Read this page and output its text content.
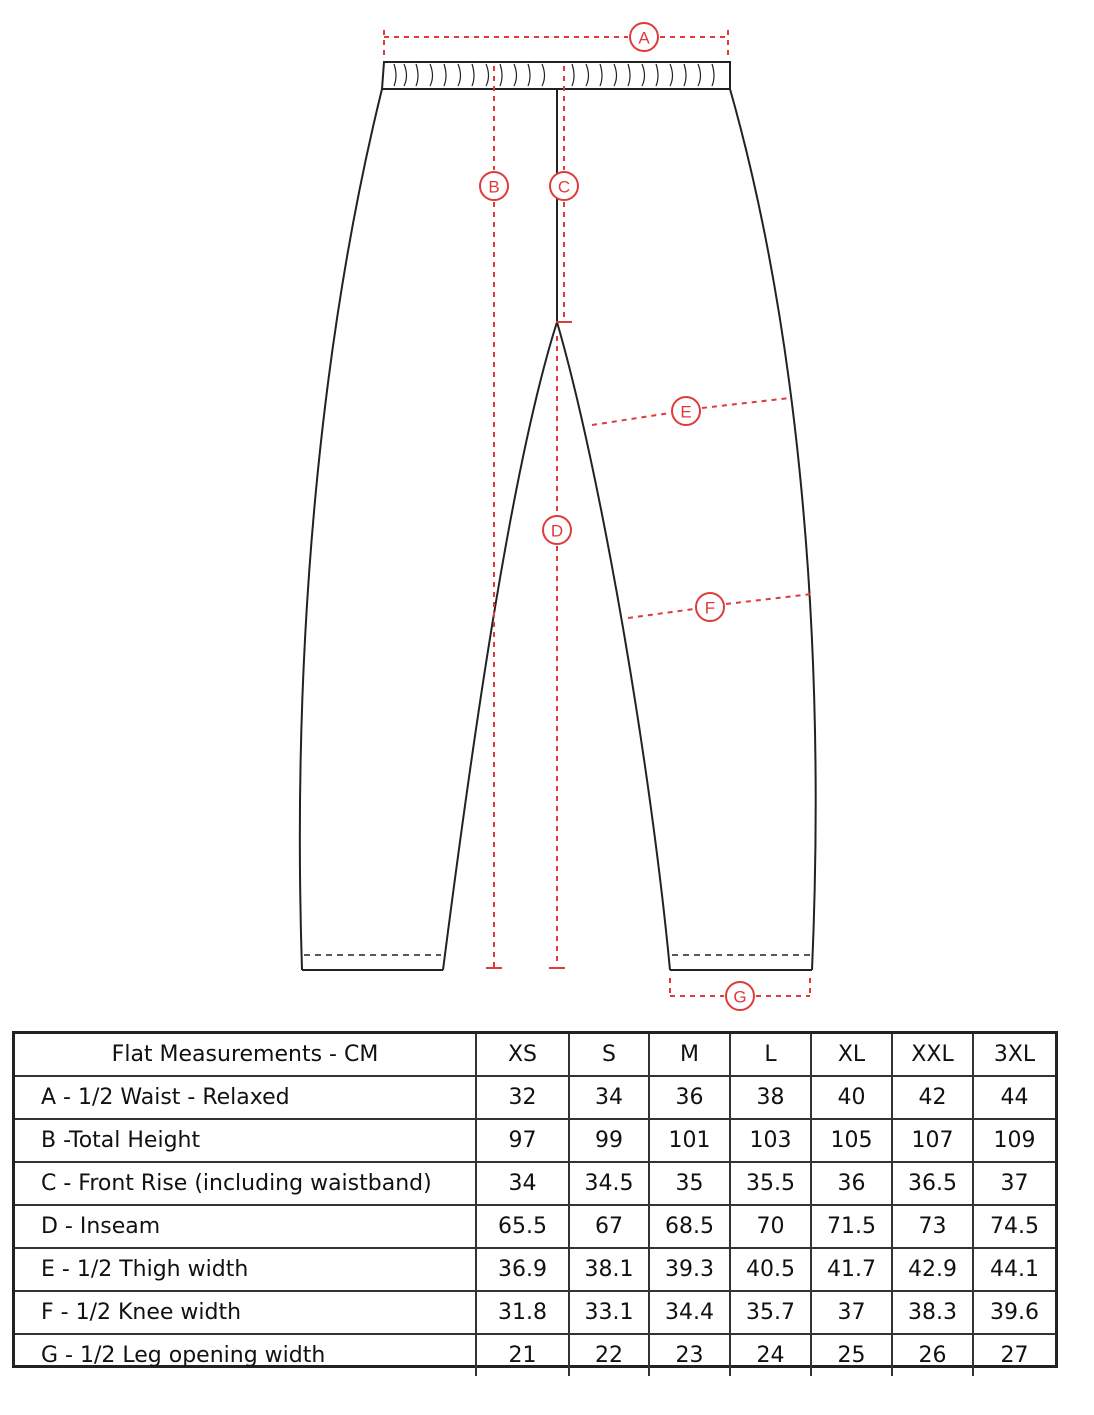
A
B	C
D
E
F
G
Flat Measurements - CM	XS	S	M	L	XL	XXL	3XL
A - 1/2 Waist - Relaxed	32	34	36	38	40	42	44
B -Total Height	97	99	101	103	105	107	109
C - Front Rise (including waistband)	34	34.5	35	35.5	36	36.5	37
D - Inseam	65.5	67	68.5	70	71.5	73	74.5
E - 1/2 Thigh width	36.9	38.1	39.3	40.5	41.7	42.9	44.1
F - 1/2 Knee width	31.8	33.1	34.4	35.7	37	38.3	39.6
G - 1/2 Leg opening width	21	22	23	24	25	26	27
